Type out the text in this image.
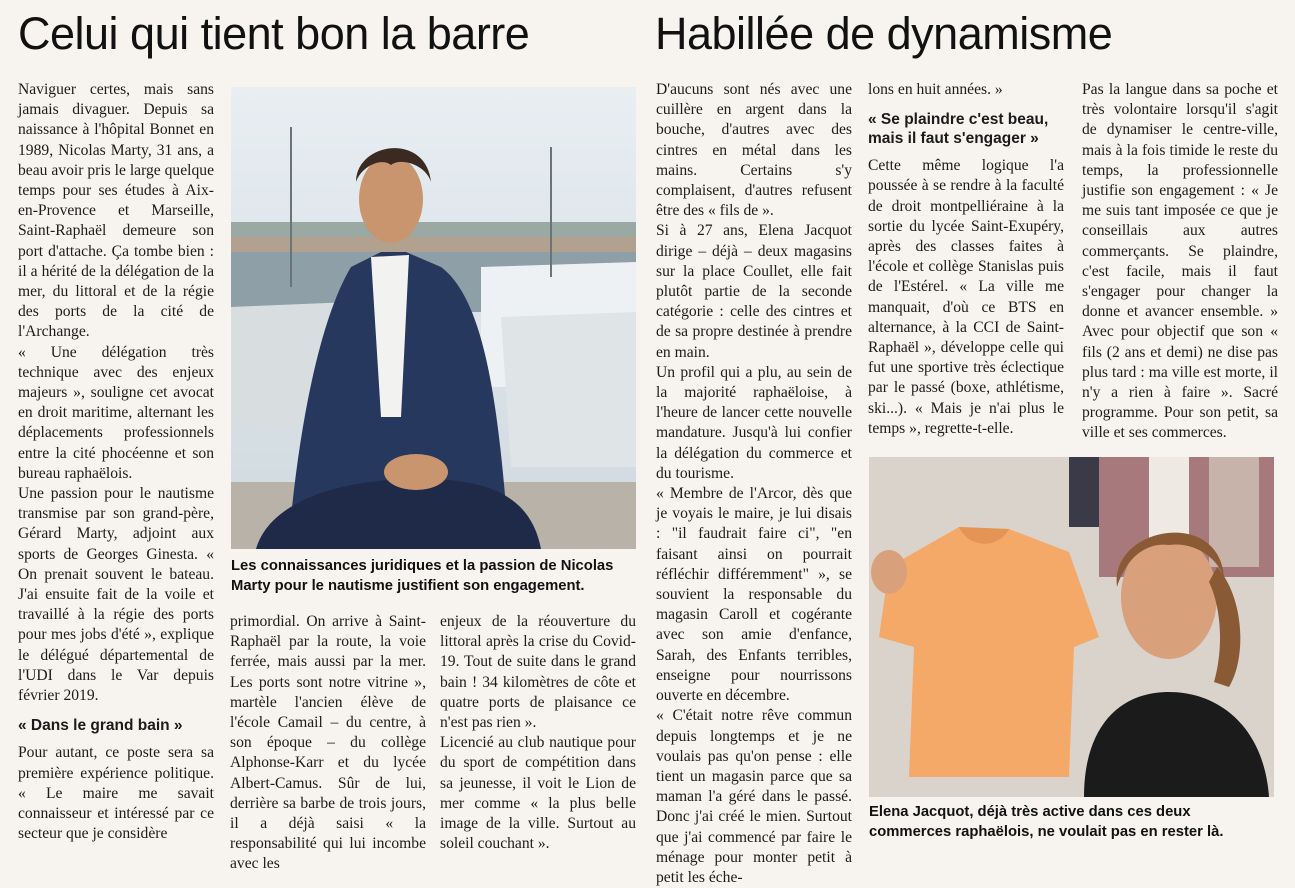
Celui qui tient bon la barre	Habillée de dynamisme

Naviguer certes, mais sans jamais divaguer. Depuis sa naissance à l'hôpital Bonnet en 1989, Nicolas Marty, 31 ans, a beau avoir pris le large quelque temps pour ses études à Aix-en-Provence et Marseille, Saint-Raphaël demeure son port d'attache. Ça tombe bien : il a hérité de la délégation de la mer, du littoral et de la régie des ports de la cité de l'Archange.

« Une délégation très technique avec des enjeux majeurs », souligne cet avocat en droit maritime, alternant les déplacements professionnels entre la cité phocéenne et son bureau raphaëlois.

Une passion pour le nautisme transmise par son grand-père, Gérard Marty, adjoint aux sports de Georges Ginesta. « On prenait souvent le bateau. J'ai ensuite fait de la voile et travaillé à la régie des ports pour mes jobs d'été », explique le délégué départemental de l'UDI dans le Var depuis février 2019.

« Dans le grand bain »

Pour autant, ce poste sera sa première expérience politique. « Le maire me savait connaisseur et intéressé par ce secteur que je considère

Les connaissances juridiques et la passion de Nicolas Marty pour le nautisme justifient son engagement.

primordial. On arrive à Saint-Raphaël par la route, la voie ferrée, mais aussi par la mer. Les ports sont notre vitrine », martèle l'ancien élève de l'école Camail – du centre, à son époque – du collège Alphonse-Karr et du lycée Albert-Camus. Sûr de lui, derrière sa barbe de trois jours, il a déjà saisi « la responsabilité qui lui incombe avec les

enjeux de la réouverture du littoral après la crise du Covid-19. Tout de suite dans le grand bain ! 34 kilomètres de côte et quatre ports de plaisance ce n'est pas rien ».

Licencié au club nautique pour du sport de compétition dans sa jeunesse, il voit le Lion de mer comme « la plus belle image de la ville. Surtout au soleil couchant ».

D'aucuns sont nés avec une cuillère en argent dans la bouche, d'autres avec des cintres en métal dans les mains. Certains s'y complaisent, d'autres refusent être des « fils de ».

Si à 27 ans, Elena Jacquot dirige – déjà – deux magasins sur la place Coullet, elle fait plutôt partie de la seconde catégorie : celle des cintres et de sa propre destinée à prendre en main.

Un profil qui a plu, au sein de la majorité raphaëloise, à l'heure de lancer cette nouvelle mandature. Jusqu'à lui confier la délégation du commerce et du tourisme.

« Membre de l'Arcor, dès que je voyais le maire, je lui disais : "il faudrait faire ci", "en faisant ainsi on pourrait réfléchir différemment" », se souvient la responsable du magasin Caroll et cogérante avec son amie d'enfance, Sarah, des Enfants terribles, enseigne pour nourrissons ouverte en décembre.

« C'était notre rêve commun depuis longtemps et je ne voulais pas qu'on pense : elle tient un magasin parce que sa maman l'a géré dans le passé. Donc j'ai créé le mien. Surtout que j'ai commencé par faire le ménage pour monter petit à petit les éche-

lons en huit années. »

« Se plaindre c'est beau, mais il faut s'engager »

Cette même logique l'a poussée à se rendre à la faculté de droit montpelliéraine à la sortie du lycée Saint-Exupéry, après des classes faites à l'école et collège Stanislas puis de l'Estérel. « La ville me manquait, d'où ce BTS en alternance, à la CCI de Saint-Raphaël », développe celle qui fut une sportive très éclectique par le passé (boxe, athlétisme, ski...). « Mais je n'ai plus le temps », regrette-t-elle.

Pas la langue dans sa poche et très volontaire lorsqu'il s'agit de dynamiser le centre-ville, mais à la fois timide le reste du temps, la professionnelle justifie son engagement : « Je me suis tant imposée ce que je conseillais aux autres commerçants. Se plaindre, c'est facile, mais il faut s'engager pour changer la donne et avancer ensemble. » Avec pour objectif que son « fils (2 ans et demi) ne dise pas plus tard : ma ville est morte, il n'y a rien à faire ». Sacré programme. Pour son petit, sa ville et ses commerces.

Elena Jacquot, déjà très active dans ces deux commerces raphaëlois, ne voulait pas en rester là.
